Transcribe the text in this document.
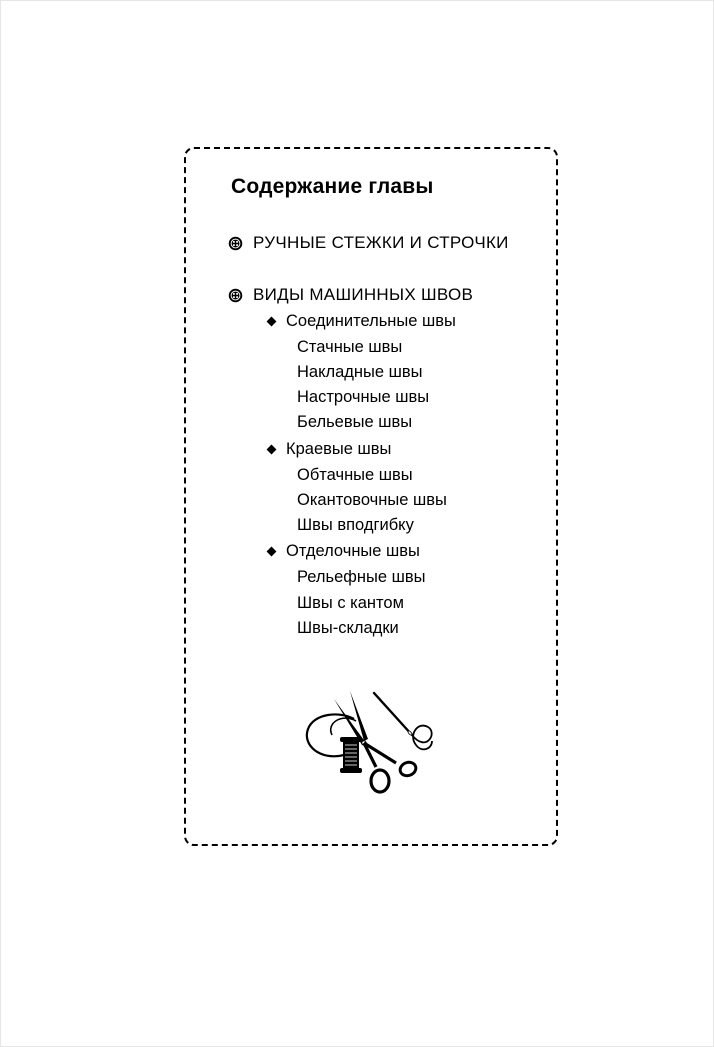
Содержание главы
РУЧНЫЕ СТЕЖКИ И СТРОЧКИ
ВИДЫ МАШИННЫХ ШВОВ
Соединительные швы
Стачные швы
Накладные швы
Настрочные швы
Бельевые швы
Краевые швы
Обтачные швы
Окантовочные швы
Швы вподгибку
Отделочные швы
Рельефные швы
Швы с кантом
Швы-складки
